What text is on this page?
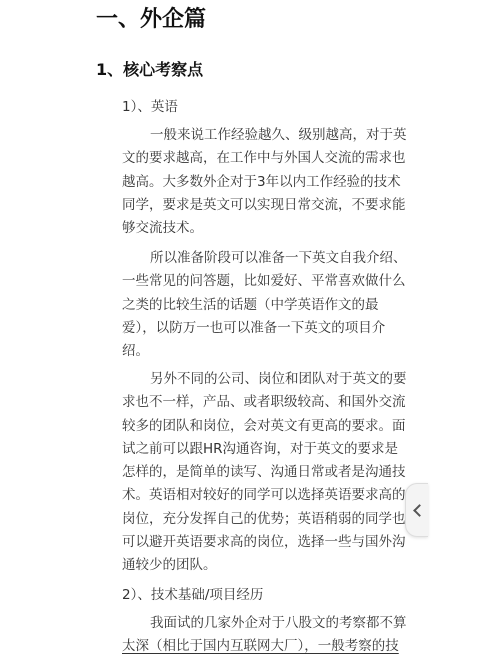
一、外企篇
1、核心考察点
1）、英语
一般来说工作经验越久、级别越高，对于英
文的要求越高，在工作中与外国人交流的需求也
越高。大多数外企对于3年以内工作经验的技术
同学，要求是英文可以实现日常交流，不要求能
够交流技术。
所以准备阶段可以准备一下英文自我介绍、
一些常见的问答题，比如爱好、平常喜欢做什么
之类的比较生活的话题（中学英语作文的最
爱），以防万一也可以准备一下英文的项目介
绍。
另外不同的公司、岗位和团队对于英文的要
求也不一样，产品、或者职级较高、和国外交流
较多的团队和岗位，会对英文有更高的要求。面
试之前可以跟HR沟通咨询，对于英文的要求是
怎样的，是简单的读写、沟通日常或者是沟通技
术。英语相对较好的同学可以选择英语要求高的
岗位，充分发挥自己的优势；英语稍弱的同学也
可以避开英语要求高的岗位，选择一些与国外沟
通较少的团队。
2）、技术基础/项目经历
我面试的几家外企对于八股文的考察都不算
太深（相比于国内互联网大厂），一般考察的技
